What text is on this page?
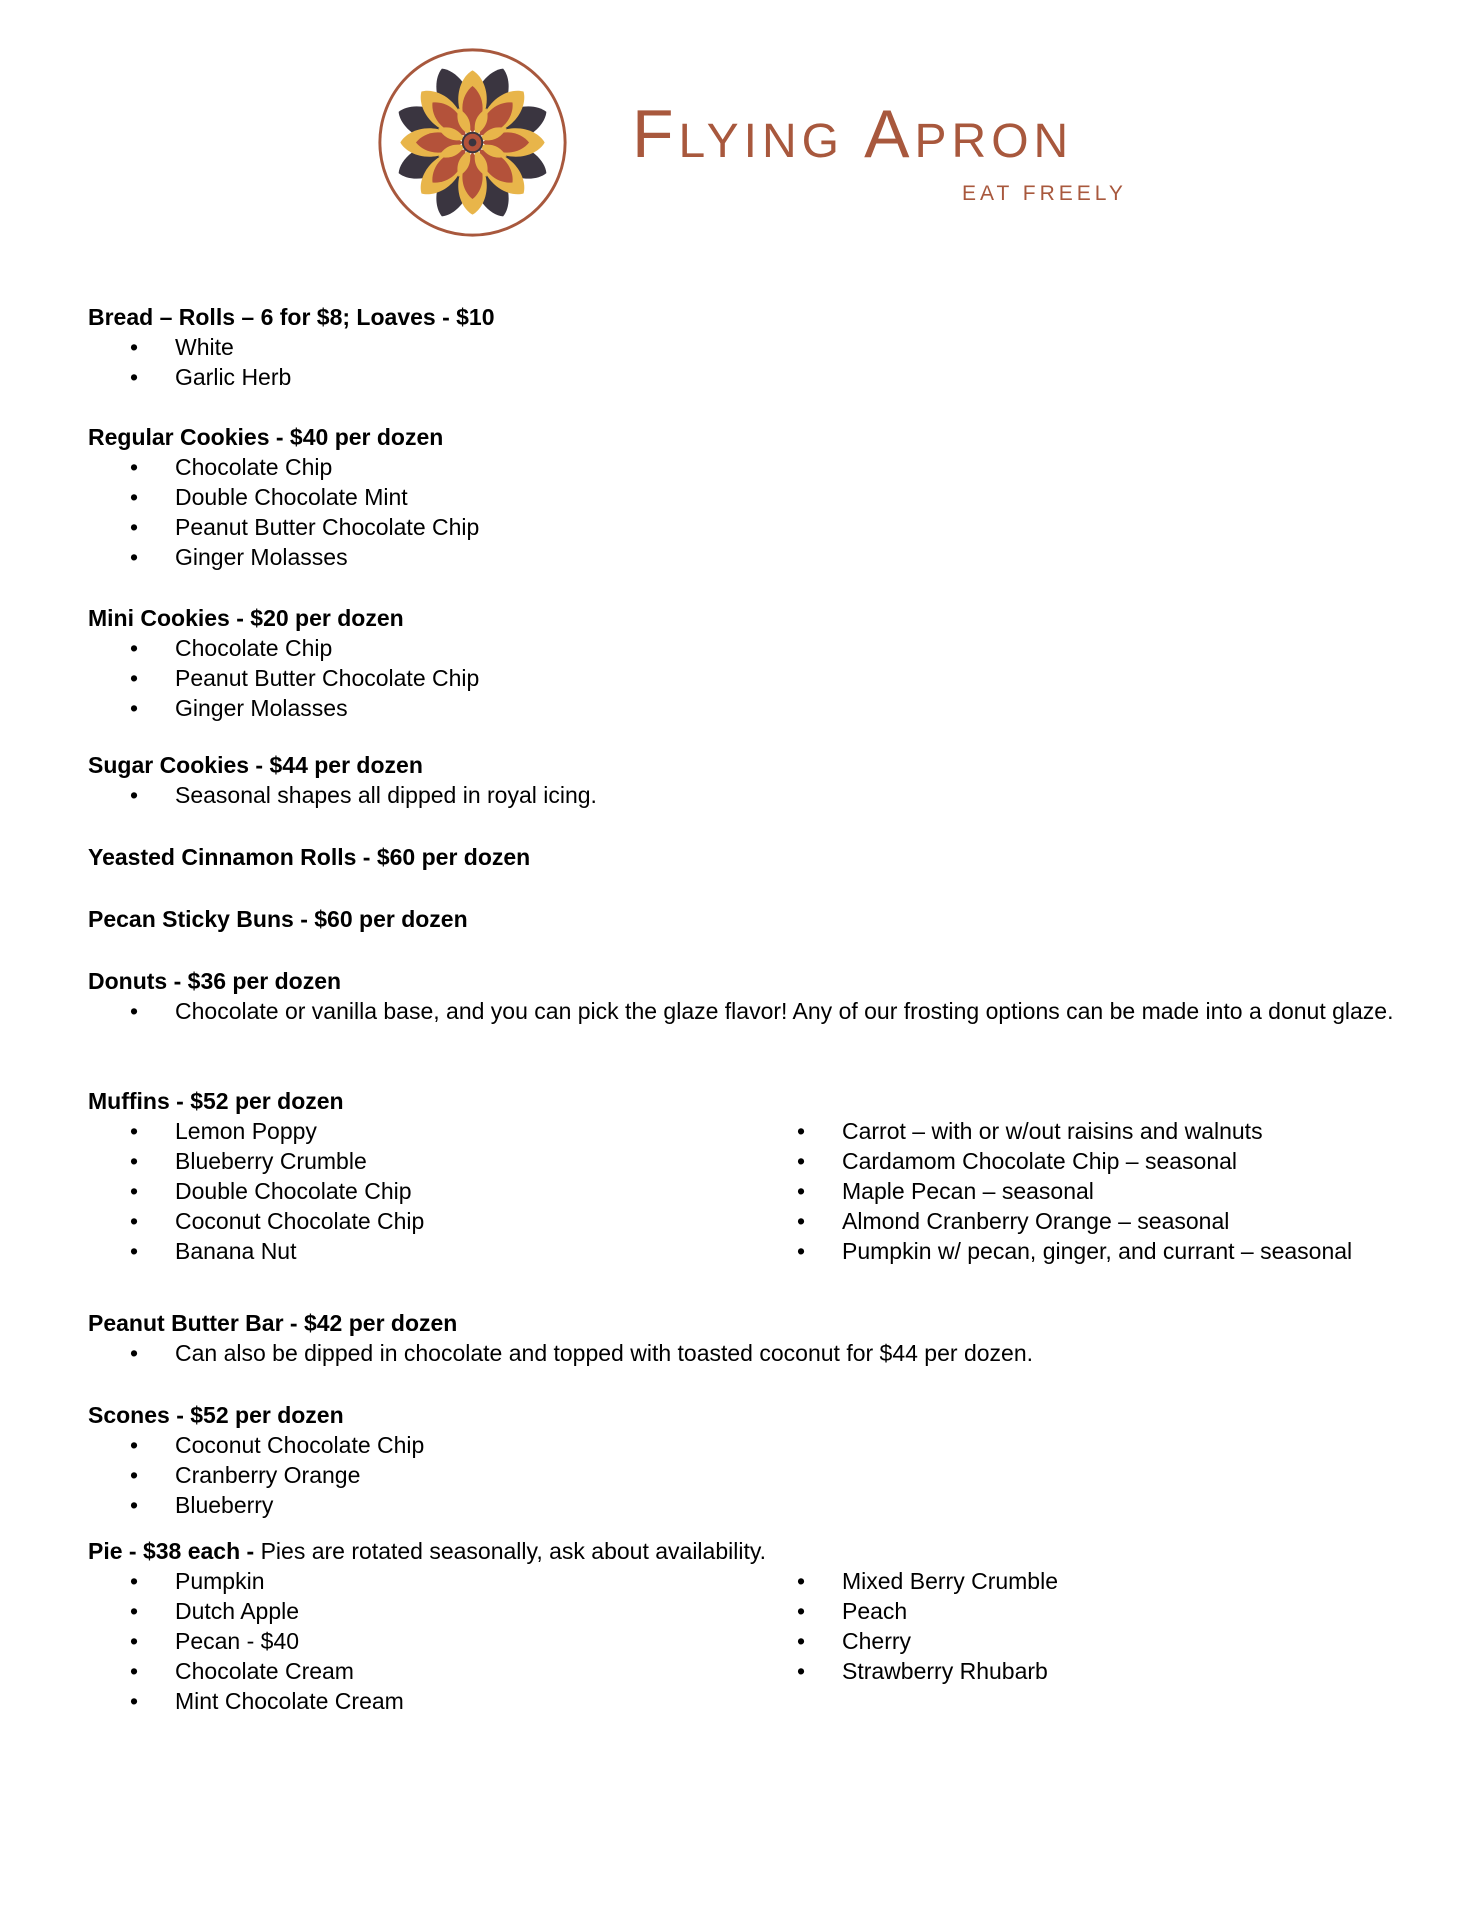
Flying Apron
EAT FREELY
Bread – Rolls – 6 for $8; Loaves - $10
• White
• Garlic Herb
Regular Cookies - $40 per dozen
• Chocolate Chip
• Double Chocolate Mint
• Peanut Butter Chocolate Chip
• Ginger Molasses
Mini Cookies - $20 per dozen
• Chocolate Chip
• Peanut Butter Chocolate Chip
• Ginger Molasses
Sugar Cookies - $44 per dozen
• Seasonal shapes all dipped in royal icing.
Yeasted Cinnamon Rolls - $60 per dozen
Pecan Sticky Buns - $60 per dozen
Donuts - $36 per dozen
• Chocolate or vanilla base, and you can pick the glaze flavor! Any of our frosting options can be made into a donut glaze.
Muffins - $52 per dozen
• Lemon Poppy
• Blueberry Crumble
• Double Chocolate Chip
• Coconut Chocolate Chip
• Banana Nut
• Carrot – with or w/out raisins and walnuts
• Cardamom Chocolate Chip – seasonal
• Maple Pecan – seasonal
• Almond Cranberry Orange – seasonal
• Pumpkin w/ pecan, ginger, and currant – seasonal
Peanut Butter Bar - $42 per dozen
• Can also be dipped in chocolate and topped with toasted coconut for $44 per dozen.
Scones - $52 per dozen
• Coconut Chocolate Chip
• Cranberry Orange
• Blueberry
Pie - $38 each - Pies are rotated seasonally, ask about availability.
• Pumpkin
• Dutch Apple
• Pecan - $40
• Chocolate Cream
• Mint Chocolate Cream
• Mixed Berry Crumble
• Peach
• Cherry
• Strawberry Rhubarb
